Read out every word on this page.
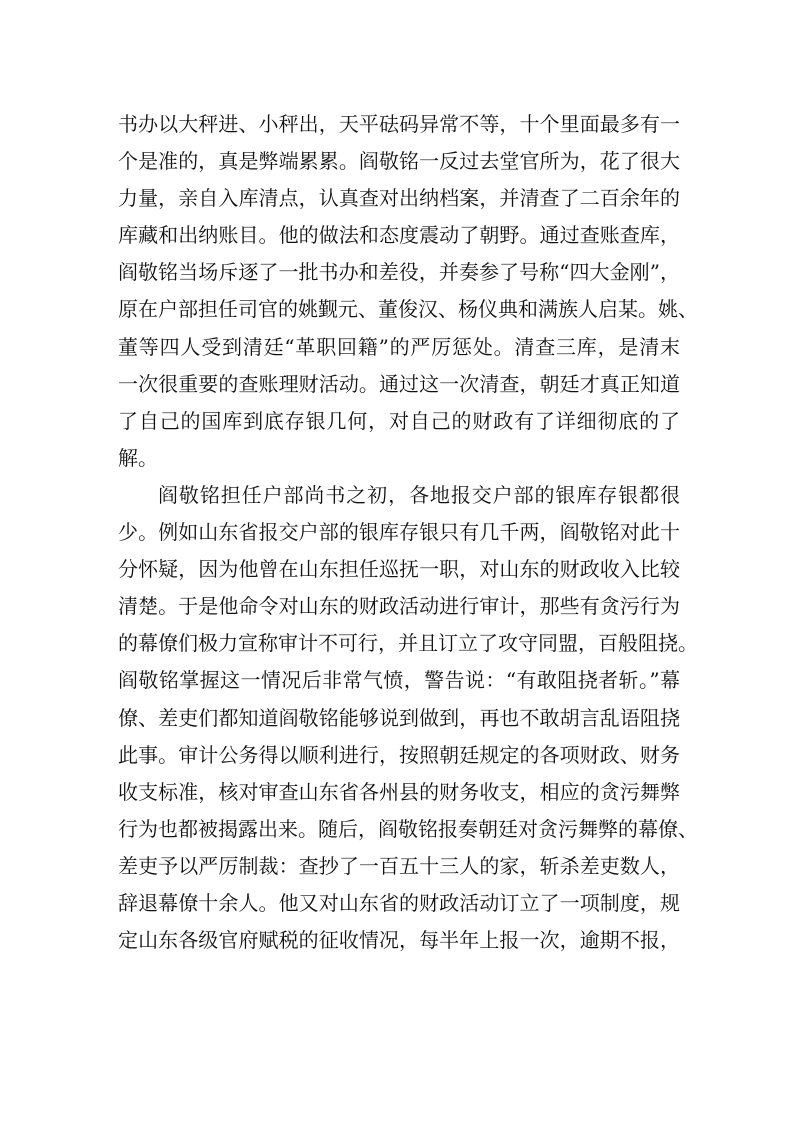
书办以大秤进、小秤出，天平砝码异常不等，十个里面最多有一
个是准的，真是弊端累累。阎敬铭一反过去堂官所为，花了很大
力量，亲自入库清点，认真查对出纳档案，并清查了二百余年的
库藏和出纳账目。他的做法和态度震动了朝野。通过查账查库，
阎敬铭当场斥逐了一批书办和差役，并奏参了号称“四大金刚”，
原在户部担任司官的姚觐元、董俊汉、杨仪典和满族人启某。姚、
董等四人受到清廷“革职回籍”的严厉惩处。清查三库，是清末
一次很重要的查账理财活动。通过这一次清查，朝廷才真正知道
了自己的国库到底存银几何，对自己的财政有了详细彻底的了
解。
阎敬铭担任户部尚书之初，各地报交户部的银库存银都很
少。例如山东省报交户部的银库存银只有几千两，阎敬铭对此十
分怀疑，因为他曾在山东担任巡抚一职，对山东的财政收入比较
清楚。于是他命令对山东的财政活动进行审计，那些有贪污行为
的幕僚们极力宣称审计不可行，并且订立了攻守同盟，百般阻挠。
阎敬铭掌握这一情况后非常气愤，警告说：“有敢阻挠者斩。”幕
僚、差吏们都知道阎敬铭能够说到做到，再也不敢胡言乱语阻挠
此事。审计公务得以顺利进行，按照朝廷规定的各项财政、财务
收支标准，核对审查山东省各州县的财务收支，相应的贪污舞弊
行为也都被揭露出来。随后，阎敬铭报奏朝廷对贪污舞弊的幕僚、
差吏予以严厉制裁：查抄了一百五十三人的家，斩杀差吏数人，
辞退幕僚十余人。他又对山东省的财政活动订立了一项制度，规
定山东各级官府赋税的征收情况，每半年上报一次，逾期不报，
